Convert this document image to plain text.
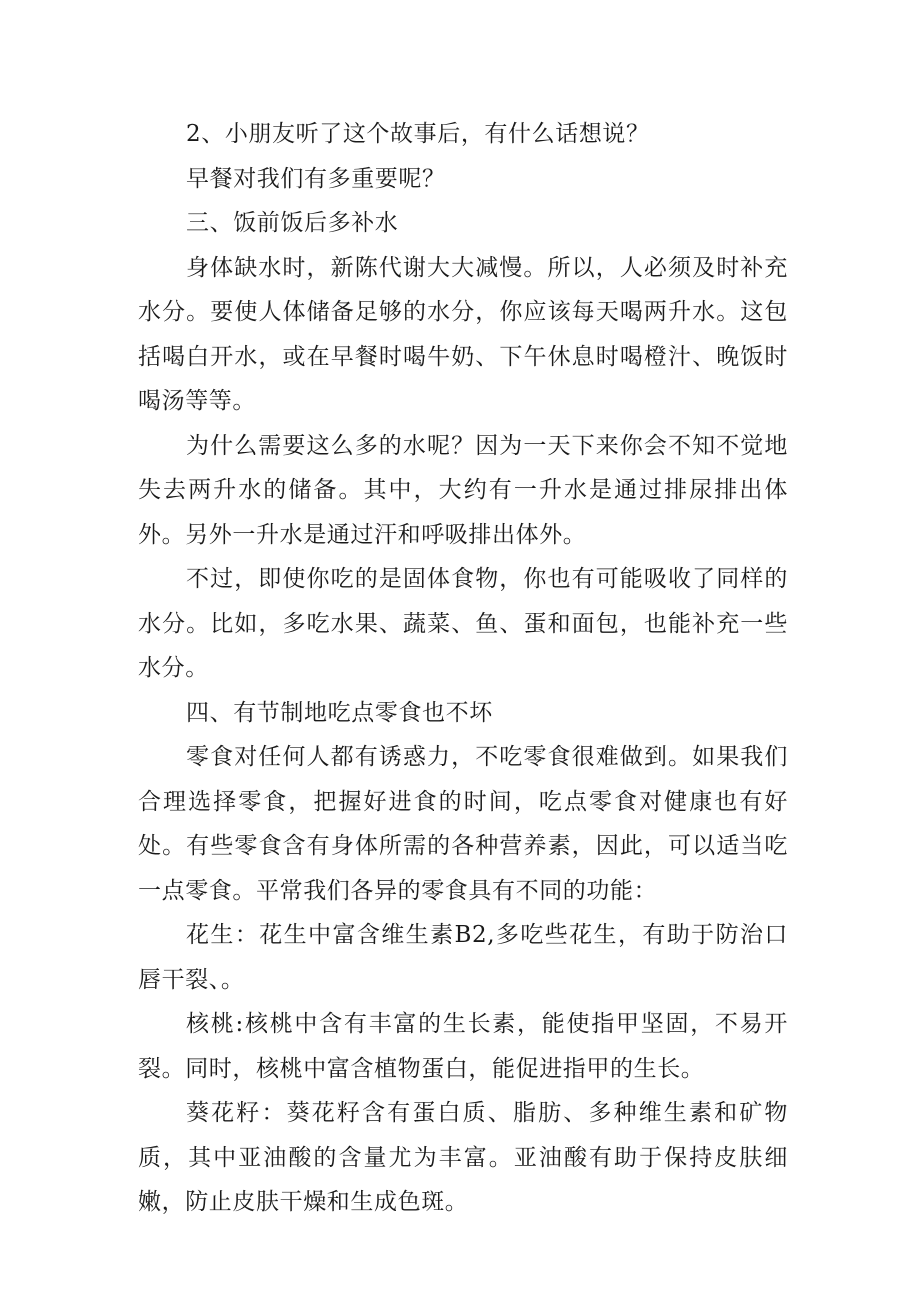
2、小朋友听了这个故事后，有什么话想说？

早餐对我们有多重要呢？

三、饭前饭后多补水

身体缺水时，新陈代谢大大减慢。所以，人必须及时补充水分。要使人体储备足够的水分，你应该每天喝两升水。这包括喝白开水，或在早餐时喝牛奶、下午休息时喝橙汁、晚饭时喝汤等等。

为什么需要这么多的水呢？因为一天下来你会不知不觉地失去两升水的储备。其中，大约有一升水是通过排尿排出体外。另外一升水是通过汗和呼吸排出体外。

不过，即使你吃的是固体食物，你也有可能吸收了同样的水分。比如，多吃水果、蔬菜、鱼、蛋和面包，也能补充一些水分。

四、有节制地吃点零食也不坏

零食对任何人都有诱惑力，不吃零食很难做到。如果我们合理选择零食，把握好进食的时间，吃点零食对健康也有好处。有些零食含有身体所需的各种营养素，因此，可以适当吃一点零食。平常我们各异的零食具有不同的功能：

花生：花生中富含维生素B2,多吃些花生，有助于防治口唇干裂、。

核桃:核桃中含有丰富的生长素，能使指甲坚固，不易开裂。同时，核桃中富含植物蛋白，能促进指甲的生长。

葵花籽：葵花籽含有蛋白质、脂肪、多种维生素和矿物质，其中亚油酸的含量尤为丰富。亚油酸有助于保持皮肤细嫩，防止皮肤干燥和生成色斑。
